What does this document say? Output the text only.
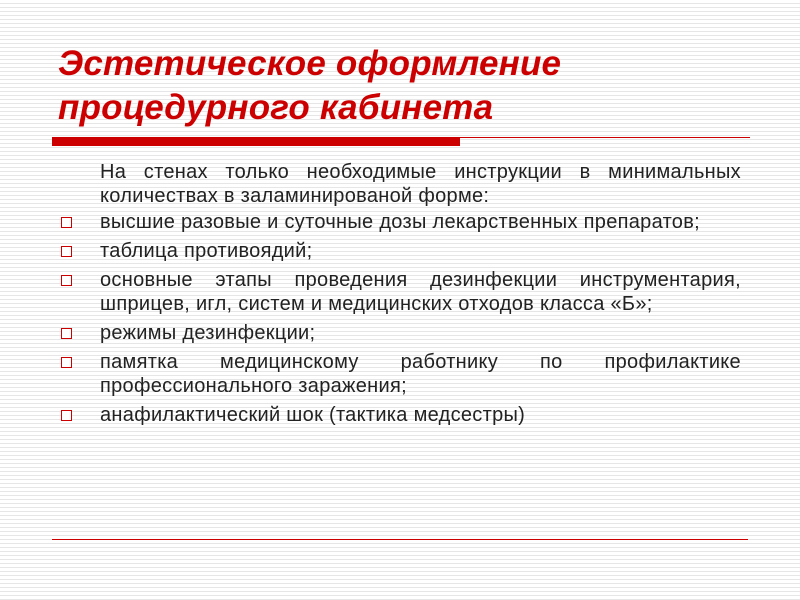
Эстетическое оформление
процедурного кабинета

На стенах только необходимые инструкции в минимальных количествах в заламинированой форме:

высшие разовые и суточные дозы лекарственных препаратов;
таблица противоядий;
основные этапы проведения дезинфекции инструментария, шприцев, игл, систем и медицинских отходов класса «Б»;
режимы дезинфекции;
памятка медицинскому работнику по профилактике профессионального заражения;
анафилактический шок (тактика медсестры)
